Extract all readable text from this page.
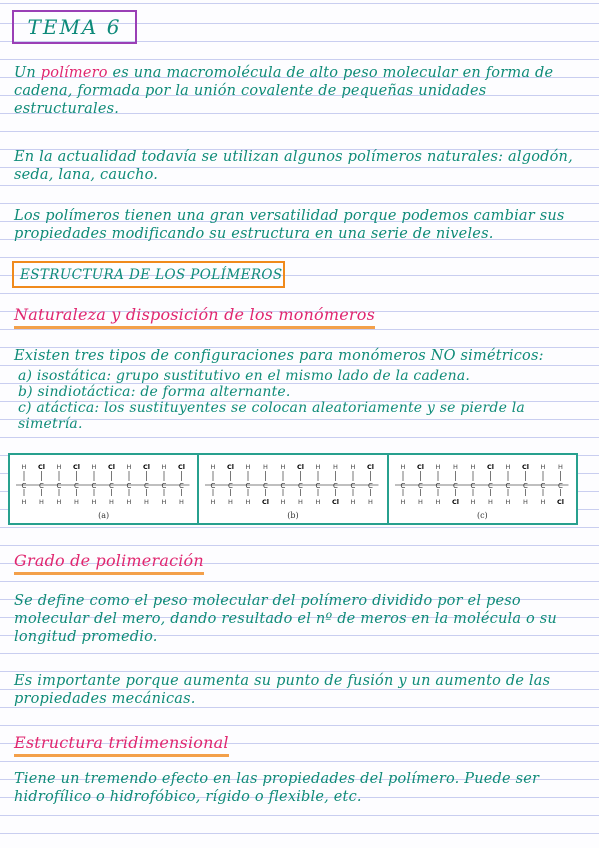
TEMA 6
Un polímero es una macromolécula de alto peso molecular en forma de cadena, formada por la unión covalente de pequeñas unidades estructurales.
En la actualidad todavía se utilizan algunos polímeros naturales: algodón, seda, lana, caucho.
Los polímeros tienen una gran versatilidad porque podemos cambiar sus propiedades modificando su estructura en una serie de niveles.
ESTRUCTURA DE LOS POLÍMEROS
Naturaleza y disposición de los monómeros
Existen tres tipos de configuraciones para monómeros NO simétricos:
a) isostática: grupo sustitutivo en el mismo lado de la cadena.
b) sindiotáctica: de forma alternante.
c) atáctica: los sustituyentes se colocan aleatoriamente y se pierde la simetría.
C
H
H
C
Cl
H
C
H
H
C
Cl
H
C
H
H
C
Cl
H
C
H
H
C
Cl
H
C
H
H
C
Cl
H
(a)
C
H
H
C
Cl
H
C
H
H
C
H
Cl
C
H
H
C
Cl
H
C
H
H
C
H
Cl
C
H
H
C
Cl
H
(b)
C
H
H
C
Cl
H
C
H
H
C
H
Cl
C
H
H
C
Cl
H
C
H
H
C
Cl
H
C
H
H
C
H
Cl
(c)
Grado de polimeración
Se define como el peso molecular del polímero dividido por el peso molecular del mero, dando resultado el nº de meros en la molécula o su longitud promedio.
Es importante porque aumenta su punto de fusión y un aumento de las propiedades mecánicas.
Estructura tridimensional
Tiene un tremendo efecto en las propiedades del polímero. Puede ser hidrofílico o hidrofóbico, rígido o flexible, etc.
